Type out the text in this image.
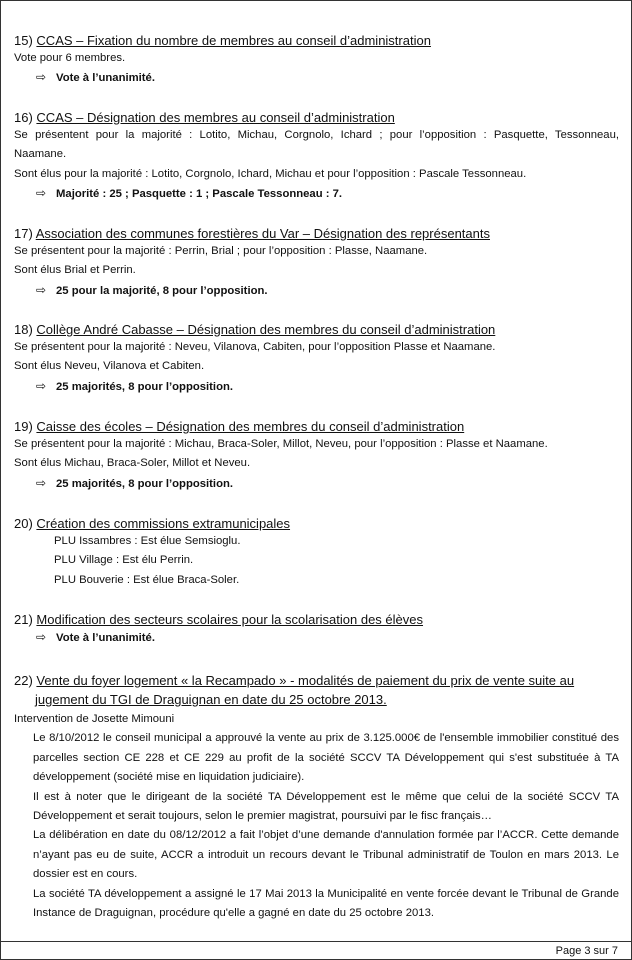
15) CCAS – Fixation du nombre de membres au conseil d’administration
Vote pour 6 membres.
⇨ Vote à l’unanimité.
16) CCAS – Désignation des membres au conseil d’administration
Se présentent pour la majorité : Lotito, Michau, Corgnolo, Ichard ; pour l’opposition : Pasquette, Tessonneau,
Naamane.
Sont élus pour la majorité : Lotito, Corgnolo, Ichard, Michau et pour l’opposition : Pascale Tessonneau.
⇨ Majorité : 25 ; Pasquette : 1 ; Pascale Tessonneau : 7.
17) Association des communes forestières du Var – Désignation des représentants
Se présentent pour la majorité : Perrin, Brial ; pour l’opposition : Plasse, Naamane.
Sont élus Brial et Perrin.
⇨ 25 pour la majorité, 8 pour l’opposition.
18) Collège André Cabasse – Désignation des membres du conseil d’administration
Se présentent pour la majorité : Neveu, Vilanova, Cabiten, pour l’opposition Plasse et Naamane.
Sont élus Neveu, Vilanova et Cabiten.
⇨ 25 majorités, 8 pour l’opposition.
19) Caisse des écoles – Désignation des membres du conseil d’administration
Se présentent pour la majorité : Michau, Braca-Soler, Millot, Neveu, pour l’opposition : Plasse et Naamane.
Sont élus Michau, Braca-Soler, Millot et Neveu.
⇨ 25 majorités, 8 pour l’opposition.
20) Création des commissions extramunicipales
PLU Issambres : Est élue Semsioglu.
PLU Village : Est élu Perrin.
PLU Bouverie : Est élue Braca-Soler.
21) Modification des secteurs scolaires pour la scolarisation des élèves
⇨ Vote à l’unanimité.
22) Vente du foyer logement « la Recampado » - modalités de paiement du prix de vente suite au jugement du TGI de Draguignan en date du 25 octobre 2013.
Intervention de Josette Mimouni
Le 8/10/2012 le conseil municipal a approuvé la vente au prix de 3.125.000€ de l'ensemble immobilier constitué des parcelles section CE 228 et CE 229 au profit de la société SCCV TA Développement qui s'est substituée à TA développement (société mise en liquidation judiciaire).
Il est à noter que le dirigeant de la société TA Développement est le même que celui de la société SCCV TA Développement et serait toujours, selon le premier magistrat, poursuivi par le fisc français…
La délibération en date du 08/12/2012 a fait l’objet d’une demande d'annulation formée par l’ACCR. Cette demande n’ayant pas eu de suite, ACCR a introduit un recours devant le Tribunal administratif de Toulon en mars 2013. Le dossier est en cours.
La société TA développement a assigné le 17 Mai 2013 la Municipalité en vente forcée devant le Tribunal de Grande Instance de Draguignan, procédure qu'elle a gagné en date du 25 octobre 2013.
Page 3 sur 7
